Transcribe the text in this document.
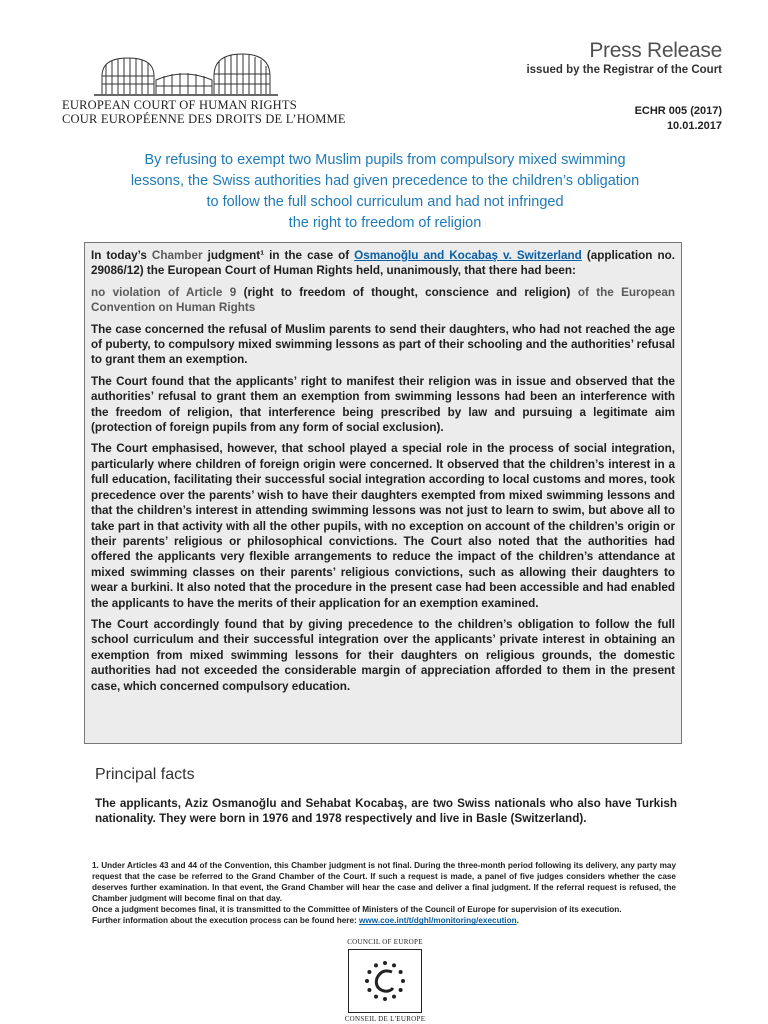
EUROPEAN COURT OF HUMAN RIGHTS
COUR EUROPÉENNE DES DROITS DE L’HOMME
Press Release
issued by the Registrar of the Court
ECHR 005 (2017)
10.01.2017
By refusing to exempt two Muslim pupils from compulsory mixed swimming
lessons, the Swiss authorities had given precedence to the children’s obligation
to follow the full school curriculum and had not infringed
the right to freedom of religion

In today’s Chamber judgment¹ in the case of Osmanoğlu and Kocabaş v. Switzerland (application no. 29086/12) the European Court of Human Rights held, unanimously, that there had been:

no violation of Article 9 (right to freedom of thought, conscience and religion) of the European Convention on Human Rights

The case concerned the refusal of Muslim parents to send their daughters, who had not reached the age of puberty, to compulsory mixed swimming lessons as part of their schooling and the authorities’ refusal to grant them an exemption.

The Court found that the applicants’ right to manifest their religion was in issue and observed that the authorities’ refusal to grant them an exemption from swimming lessons had been an interference with the freedom of religion, that interference being prescribed by law and pursuing a legitimate aim (protection of foreign pupils from any form of social exclusion).

The Court emphasised, however, that school played a special role in the process of social integration, particularly where children of foreign origin were concerned. It observed that the children’s interest in a full education, facilitating their successful social integration according to local customs and mores, took precedence over the parents’ wish to have their daughters exempted from mixed swimming lessons and that the children’s interest in attending swimming lessons was not just to learn to swim, but above all to take part in that activity with all the other pupils, with no exception on account of the children’s origin or their parents’ religious or philosophical convictions. The Court also noted that the authorities had offered the applicants very flexible arrangements to reduce the impact of the children’s attendance at mixed swimming classes on their parents’ religious convictions, such as allowing their daughters to wear a burkini. It also noted that the procedure in the present case had been accessible and had enabled the applicants to have the merits of their application for an exemption examined.

The Court accordingly found that by giving precedence to the children’s obligation to follow the full school curriculum and their successful integration over the applicants’ private interest in obtaining an exemption from mixed swimming lessons for their daughters on religious grounds, the domestic authorities had not exceeded the considerable margin of appreciation afforded to them in the present case, which concerned compulsory education.

Principal facts
The applicants, Aziz Osmanoğlu and Sehabat Kocabaş, are two Swiss nationals who also have Turkish nationality. They were born in 1976 and 1978 respectively and live in Basle (Switzerland).

1. Under Articles 43 and 44 of the Convention, this Chamber judgment is not final. During the three-month period following its delivery, any party may request that the case be referred to the Grand Chamber of the Court. If such a request is made, a panel of five judges considers whether the case deserves further examination. In that event, the Grand Chamber will hear the case and deliver a final judgment. If the referral request is refused, the Chamber judgment will become final on that day.

Once a judgment becomes final, it is transmitted to the Committee of Ministers of the Council of Europe for supervision of its execution.

Further information about the execution process can be found here: www.coe.int/t/dghl/monitoring/execution.

COUNCIL OF EUROPE
CONSEIL DE L'EUROPE
